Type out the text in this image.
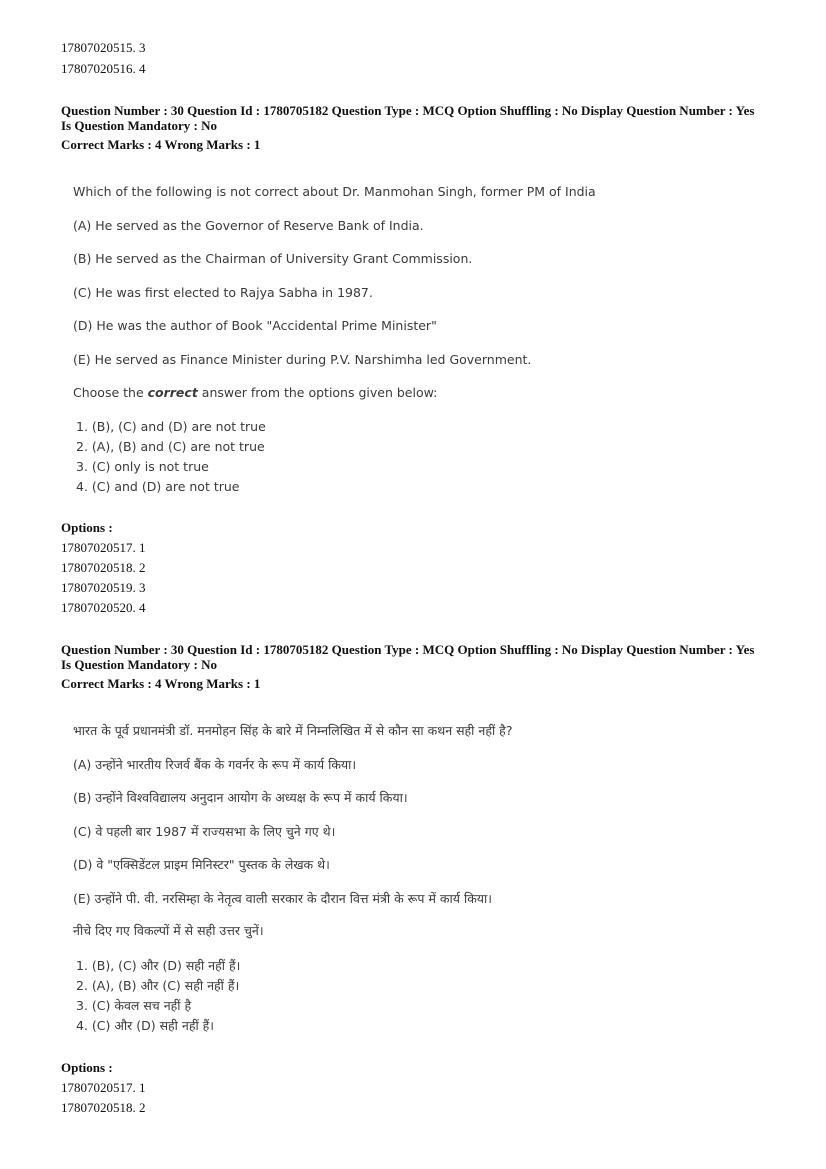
17807020515. 3
17807020516. 4
Question Number : 30 Question Id : 1780705182 Question Type : MCQ Option Shuffling : No Display Question Number : Yes
Is Question Mandatory : No
Correct Marks : 4 Wrong Marks : 1
Which of the following is not correct about Dr. Manmohan Singh, former PM of India
(A) He served as the Governor of Reserve Bank of India.
(B) He served as the Chairman of University Grant Commission.
(C) He was first elected to Rajya Sabha in 1987.
(D) He was the author of Book "Accidental Prime Minister"
(E) He served as Finance Minister during P.V. Narshimha led Government.
Choose the correct answer from the options given below:
1. (B), (C) and (D) are not true
2. (A), (B) and (C) are not true
3. (C) only is not true
4. (C) and (D) are not true
Options :
17807020517. 1
17807020518. 2
17807020519. 3
17807020520. 4
Question Number : 30 Question Id : 1780705182 Question Type : MCQ Option Shuffling : No Display Question Number : Yes
Is Question Mandatory : No
Correct Marks : 4 Wrong Marks : 1
भारत के पूर्व प्रधानमंत्री डॉ. मनमोहन सिंह के बारे में निम्नलिखित में से कौन सा कथन सही नहीं है?
(A) उन्होंने भारतीय रिजर्व बैंक के गवर्नर के रूप में कार्य किया।
(B) उन्होंने विश्वविद्यालय अनुदान आयोग के अध्यक्ष के रूप में कार्य किया।
(C) वे पहली बार 1987 में राज्यसभा के लिए चुने गए थे।
(D) वे "एक्सिडेंटल प्राइम मिनिस्टर" पुस्तक के लेखक थे।
(E) उन्होंने पी. वी. नरसिम्हा के नेतृत्व वाली सरकार के दौरान वित्त मंत्री के रूप में कार्य किया।
नीचे दिए गए विकल्पों में से सही उत्तर चुनें।
1. (B), (C) और (D) सही नहीं हैं।
2. (A), (B) और (C) सही नहीं हैं।
3. (C) केवल सच नहीं है
4. (C) और (D) सही नहीं हैं।
Options :
17807020517. 1
17807020518. 2
